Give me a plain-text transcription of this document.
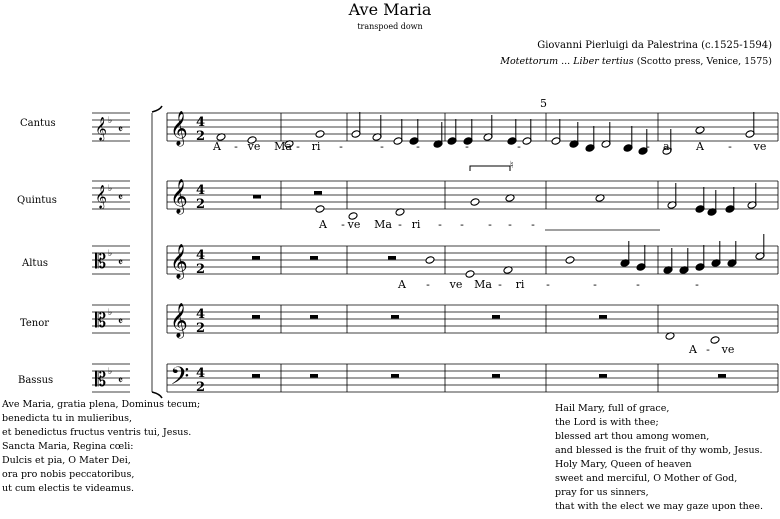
Ave Maria
transpoed down
Giovanni Pierluigi da Palestrina (c.1525-1594)
Motettorum ... Liber tertius (Scotto press, Venice, 1575)
Cantus
Quintus
Altus
Tenor
Bassus
𝄞 4
2
𝄞 𝄵
♭
𝄞 4
2
𝄞 𝄵
♭
𝄞 4
2
𝄡 𝄵
♭
𝄞 4
2
𝄡 𝄵
♭
𝄢 4
2
𝄡 𝄵
♭
5
♮
A - ve Ma - ri -	-	-	-	-	-	- a, A - ve
A - ve Ma - ri - - - - -
A - ve Ma - ri -	-	-	-
A - ve
Ave Maria, gratia plena, Dominus tecum;
benedicta tu in mulieribus,
et benedictus fructus ventris tui, Jesus.
Sancta Maria, Regina cœli:
Dulcis et pia, O Mater Dei,
ora pro nobis peccatoribus,
ut cum electis te videamus.
Hail Mary, full of grace,
the Lord is with thee;
blessed art thou among women,
and blessed is the fruit of thy womb, Jesus.
Holy Mary, Queen of heaven
sweet and merciful, O Mother of God,
pray for us sinners,
that with the elect we may gaze upon thee.
